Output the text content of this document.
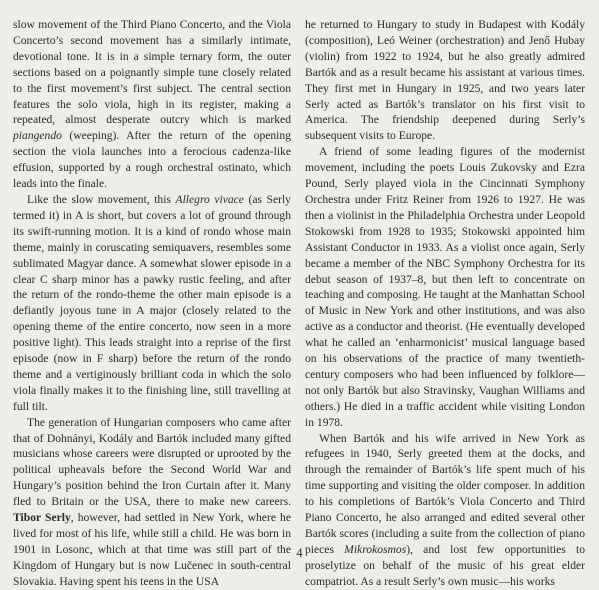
slow movement of the Third Piano Concerto, and the Viola Concerto’s second movement has a similarly intimate, devotional tone. It is in a simple ternary form, the outer sections based on a poignantly simple tune closely related to the first movement’s first subject. The central section features the solo viola, high in its register, making a repeated, almost desperate outcry which is marked piangendo (weeping). After the return of the opening section the viola launches into a ferocious cadenza-like effusion, supported by a rough orchestral ostinato, which leads into the finale.

Like the slow movement, this Allegro vivace (as Serly termed it) in A is short, but covers a lot of ground through its swift-running motion. It is a kind of rondo whose main theme, mainly in coruscating semiquavers, resembles some sublimated Magyar dance. A somewhat slower episode in a clear C sharp minor has a pawky rustic feeling, and after the return of the rondo-theme the other main episode is a defiantly joyous tune in A major (closely related to the opening theme of the entire concerto, now seen in a more positive light). This leads straight into a reprise of the first episode (now in F sharp) before the return of the rondo theme and a vertiginously brilliant coda in which the solo viola finally makes it to the finishing line, still travelling at full tilt.

The generation of Hungarian composers who came after that of Dohnányi, Kodály and Bartók included many gifted musicians whose careers were disrupted or uprooted by the political upheavals before the Second World War and Hungary’s position behind the Iron Curtain after it. Many fled to Britain or the USA, there to make new careers. Tibor Serly, however, had settled in New York, where he lived for most of his life, while still a child. He was born in 1901 in Losonc, which at that time was still part of the Kingdom of Hungary but is now Lučenec in south-central Slovakia. Having spent his teens in the USA

he returned to Hungary to study in Budapest with Kodály (composition), Leó Weiner (orchestration) and Jenő Hubay (violin) from 1922 to 1924, but he also greatly admired Bartók and as a result became his assistant at various times. They first met in Hungary in 1925, and two years later Serly acted as Bartók’s translator on his first visit to America. The friendship deepened during Serly’s subsequent visits to Europe.

A friend of some leading figures of the modernist movement, including the poets Louis Zukovsky and Ezra Pound, Serly played viola in the Cincinnati Symphony Orchestra under Fritz Reiner from 1926 to 1927. He was then a violinist in the Philadelphia Orchestra under Leopold Stokowski from 1928 to 1935; Stokowski appointed him Assistant Conductor in 1933. As a violist once again, Serly became a member of the NBC Symphony Orchestra for its debut season of 1937–8, but then left to concentrate on teaching and composing. He taught at the Manhattan School of Music in New York and other institutions, and was also active as a conductor and theorist. (He eventually developed what he called an ‘enharmonicist’ musical language based on his observations of the practice of many twentieth-century composers who had been influenced by folklore—not only Bartók but also Stravinsky, Vaughan Williams and others.) He died in a traffic accident while visiting London in 1978.

When Bartók and his wife arrived in New York as refugees in 1940, Serly greeted them at the docks, and through the remainder of Bartók’s life spent much of his time supporting and visiting the older composer. In addition to his completions of Bartók’s Viola Concerto and Third Piano Concerto, he also arranged and edited several other Bartók scores (including a suite from the collection of piano pieces Mikrokosmos), and lost few opportunities to proselytize on behalf of the music of his great elder compatriot. As a result Serly’s own music—his works

4
